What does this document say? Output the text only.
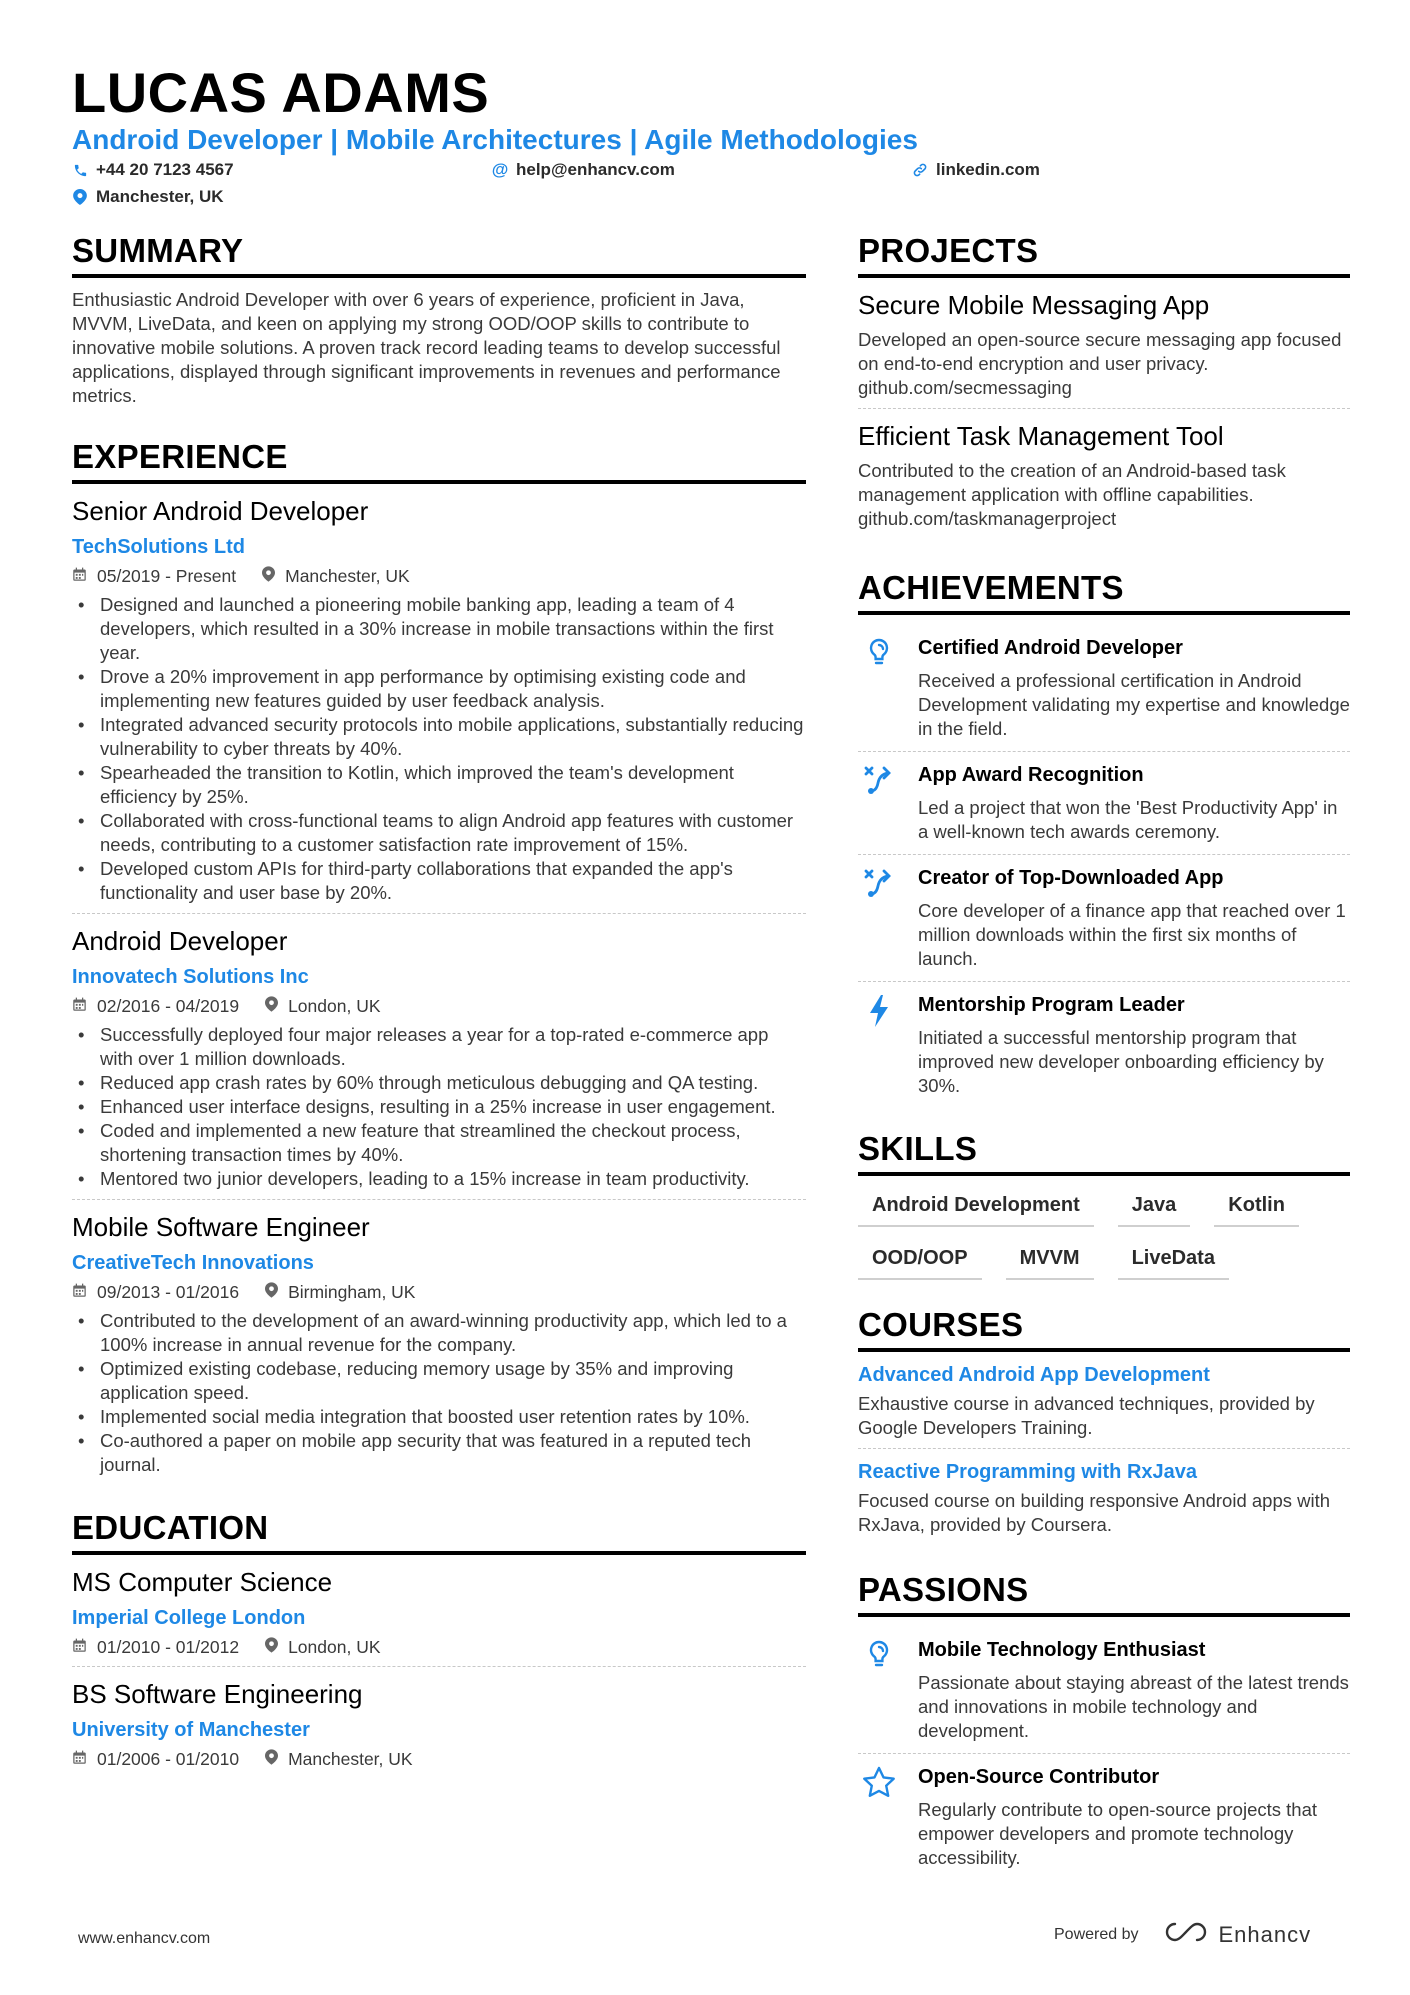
LUCAS ADAMS
Android Developer | Mobile Architectures | Agile Methodologies
+44 20 7123 4567	@ help@enhancv.com	linkedin.com
Manchester, UK
SUMMARY
Enthusiastic Android Developer with over 6 years of experience, proficient in Java, MVVM, LiveData, and keen on applying my strong OOD/OOP skills to contribute to innovative mobile solutions. A proven track record leading teams to develop successful applications, displayed through significant improvements in revenues and performance metrics.
EXPERIENCE
Senior Android Developer
TechSolutions Ltd
05/2019 - Present	Manchester, UK
• Designed and launched a pioneering mobile banking app, leading a team of 4 developers, which resulted in a 30% increase in mobile transactions within the first year.
• Drove a 20% improvement in app performance by optimising existing code and implementing new features guided by user feedback analysis.
• Integrated advanced security protocols into mobile applications, substantially reducing vulnerability to cyber threats by 40%.
• Spearheaded the transition to Kotlin, which improved the team's development efficiency by 25%.
• Collaborated with cross-functional teams to align Android app features with customer needs, contributing to a customer satisfaction rate improvement of 15%.
• Developed custom APIs for third-party collaborations that expanded the app's functionality and user base by 20%.
Android Developer
Innovatech Solutions Inc
02/2016 - 04/2019	London, UK
• Successfully deployed four major releases a year for a top-rated e-commerce app with over 1 million downloads.
• Reduced app crash rates by 60% through meticulous debugging and QA testing.
• Enhanced user interface designs, resulting in a 25% increase in user engagement.
• Coded and implemented a new feature that streamlined the checkout process, shortening transaction times by 40%.
• Mentored two junior developers, leading to a 15% increase in team productivity.
Mobile Software Engineer
CreativeTech Innovations
09/2013 - 01/2016	Birmingham, UK
• Contributed to the development of an award-winning productivity app, which led to a 100% increase in annual revenue for the company.
• Optimized existing codebase, reducing memory usage by 35% and improving application speed.
• Implemented social media integration that boosted user retention rates by 10%.
• Co-authored a paper on mobile app security that was featured in a reputed tech journal.
EDUCATION
MS Computer Science
Imperial College London
01/2010 - 01/2012	London, UK
BS Software Engineering
University of Manchester
01/2006 - 01/2010	Manchester, UK
PROJECTS
Secure Mobile Messaging App
Developed an open-source secure messaging app focused on end-to-end encryption and user privacy. github.com/secmessaging
Efficient Task Management Tool
Contributed to the creation of an Android-based task management application with offline capabilities. github.com/taskmanagerproject
ACHIEVEMENTS
Certified Android Developer
Received a professional certification in Android Development validating my expertise and knowledge in the field.
App Award Recognition
Led a project that won the 'Best Productivity App' in a well-known tech awards ceremony.
Creator of Top-Downloaded App
Core developer of a finance app that reached over 1 million downloads within the first six months of launch.
Mentorship Program Leader
Initiated a successful mentorship program that improved new developer onboarding efficiency by 30%.
SKILLS
Android Development	Java	Kotlin
OOD/OOP	MVVM	LiveData
COURSES
Advanced Android App Development
Exhaustive course in advanced techniques, provided by Google Developers Training.
Reactive Programming with RxJava
Focused course on building responsive Android apps with RxJava, provided by Coursera.
PASSIONS
Mobile Technology Enthusiast
Passionate about staying abreast of the latest trends and innovations in mobile technology and development.
Open-Source Contributor
Regularly contribute to open-source projects that empower developers and promote technology accessibility.
www.enhancv.com	Powered by	Enhancv
